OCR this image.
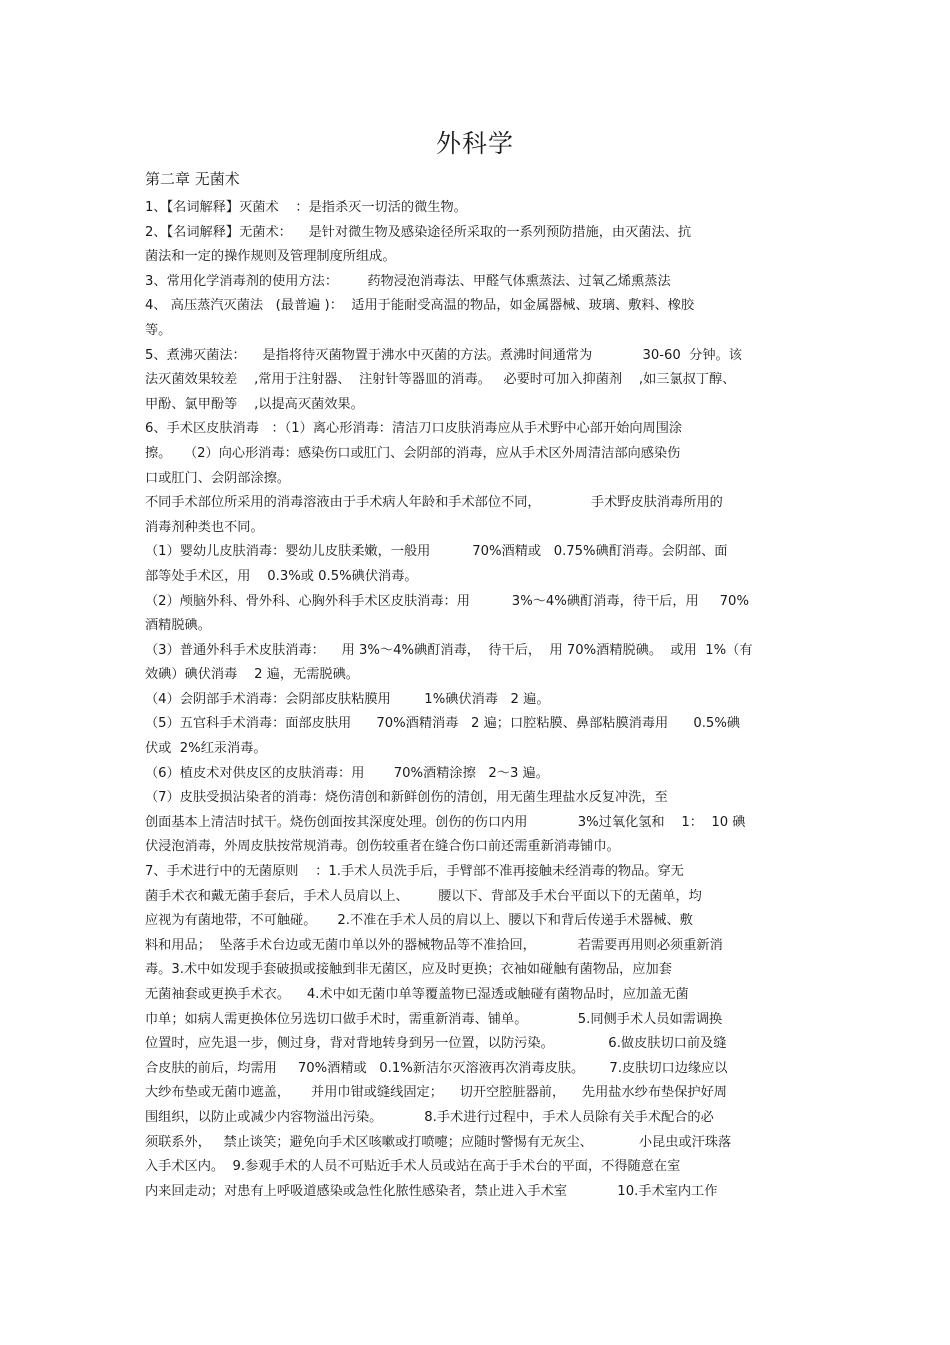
外科学
第二章 无菌术
1、【名词解释】灭菌术    ：是指杀灭一切活的微生物。
2、【名词解释】无菌术：    是针对微生物及感染途径所采取的一系列预防措施，由灭菌法、抗
菌法和一定的操作规则及管理制度所组成。
3、常用化学消毒剂的使用方法：       药物浸泡消毒法、甲醛气体熏蒸法、过氧乙烯熏蒸法
4、 高压蒸汽灭菌法   (最普遍 )：  适用于能耐受高温的物品，如金属器械、玻璃、敷料、橡胶
等。
5、煮沸灭菌法：    是指将待灭菌物置于沸水中灭菌的方法。煮沸时间通常为            30-60  分钟。该
法灭菌效果较差    ,常用于注射器、  注射针等器皿的消毒。   必要时可加入抑菌剂    ,如三氯叔丁醇、
甲酚、氯甲酚等    ,以提高灭菌效果。
6、手术区皮肤消毒   ：（1）离心形消毒：清洁刀口皮肤消毒应从手术野中心部开始向周围涂
擦。   （2）向心形消毒：感染伤口或肛门、会阴部的消毒，应从手术区外周清洁部向感染伤
口或肛门、会阴部涂擦。
不同手术部位所采用的消毒溶液由于手术病人年龄和手术部位不同，            手术野皮肤消毒所用的
消毒剂种类也不同。
（1）婴幼儿皮肤消毒：婴幼儿皮肤柔嫩，一般用          70%酒精或   0.75%碘酊消毒。会阴部、面
部等处手术区，用    0.3%或 0.5%碘伏消毒。
（2）颅脑外科、骨外科、心胸外科手术区皮肤消毒：用          3%～4%碘酊消毒，待干后，用     70%
酒精脱碘。
（3）普通外科手术皮肤消毒：    用 3%～4%碘酊消毒，  待干后，  用 70%酒精脱碘。  或用  1%（有
效碘）碘伏消毒    2 遍，无需脱碘。
（4）会阴部手术消毒：会阴部皮肤粘膜用        1%碘伏消毒   2 遍。
（5）五官科手术消毒：面部皮肤用      70%酒精消毒   2 遍；口腔粘膜、鼻部粘膜消毒用      0.5%碘
伏或  2%红汞消毒。
（6）植皮术对供皮区的皮肤消毒：用       70%酒精涂擦   2～3 遍。
（7）皮肤受损沾染者的消毒：烧伤清创和新鲜创伤的清创，用无菌生理盐水反复冲洗，至
创面基本上清洁时拭干。烧伤创面按其深度处理。创伤的伤口内用            3%过氧化氢和    1：  10 碘
伏浸泡消毒，外周皮肤按常规消毒。创伤较重者在缝合伤口前还需重新消毒铺巾。
7、手术进行中的无菌原则    ：1.手术人员洗手后，手臂部不准再接触未经消毒的物品。穿无
菌手术衣和戴无菌手套后，手术人员肩以上、       腰以下、背部及手术台平面以下的无菌单，均
应视为有菌地带，不可触碰。     2.不准在手术人员的肩以上、腰以下和背后传递手术器械、敷
料和用品；  坠落手术台边或无菌巾单以外的器械物品等不准拾回，          若需要再用则必须重新消
毒。3.术中如发现手套破损或接触到非无菌区，应及时更换；衣袖如碰触有菌物品，应加套
无菌袖套或更换手术衣。    4.术中如无菌巾单等覆盖物已湿透或触碰有菌物品时，应加盖无菌
巾单；如病人需更换体位另选切口做手术时，需重新消毒、铺单。            5.同侧手术人员如需调换
位置时，应先退一步，侧过身，背对背地转身到另一位置，以防污染。             6.做皮肤切口前及缝
合皮肤的前后，均需用     70%酒精或   0.1%新洁尔灭溶液再次消毒皮肤。      7.皮肤切口边缘应以
大纱布垫或无菌巾遮盖，     并用巾钳或缝线固定；    切开空腔脏器前，    先用盐水纱布垫保护好周
围组织，以防止或减少内容物溢出污染。          8.手术进行过程中，手术人员除有关手术配合的必
须联系外，   禁止谈笑；避免向手术区咳嗽或打喷嚏；应随时警惕有无灰尘、           小昆虫或汗珠落
入手术区内。  9.参观手术的人员不可贴近手术人员或站在高于手术台的平面，不得随意在室
内来回走动；对患有上呼吸道感染或急性化脓性感染者，禁止进入手术室            10.手术室内工作
